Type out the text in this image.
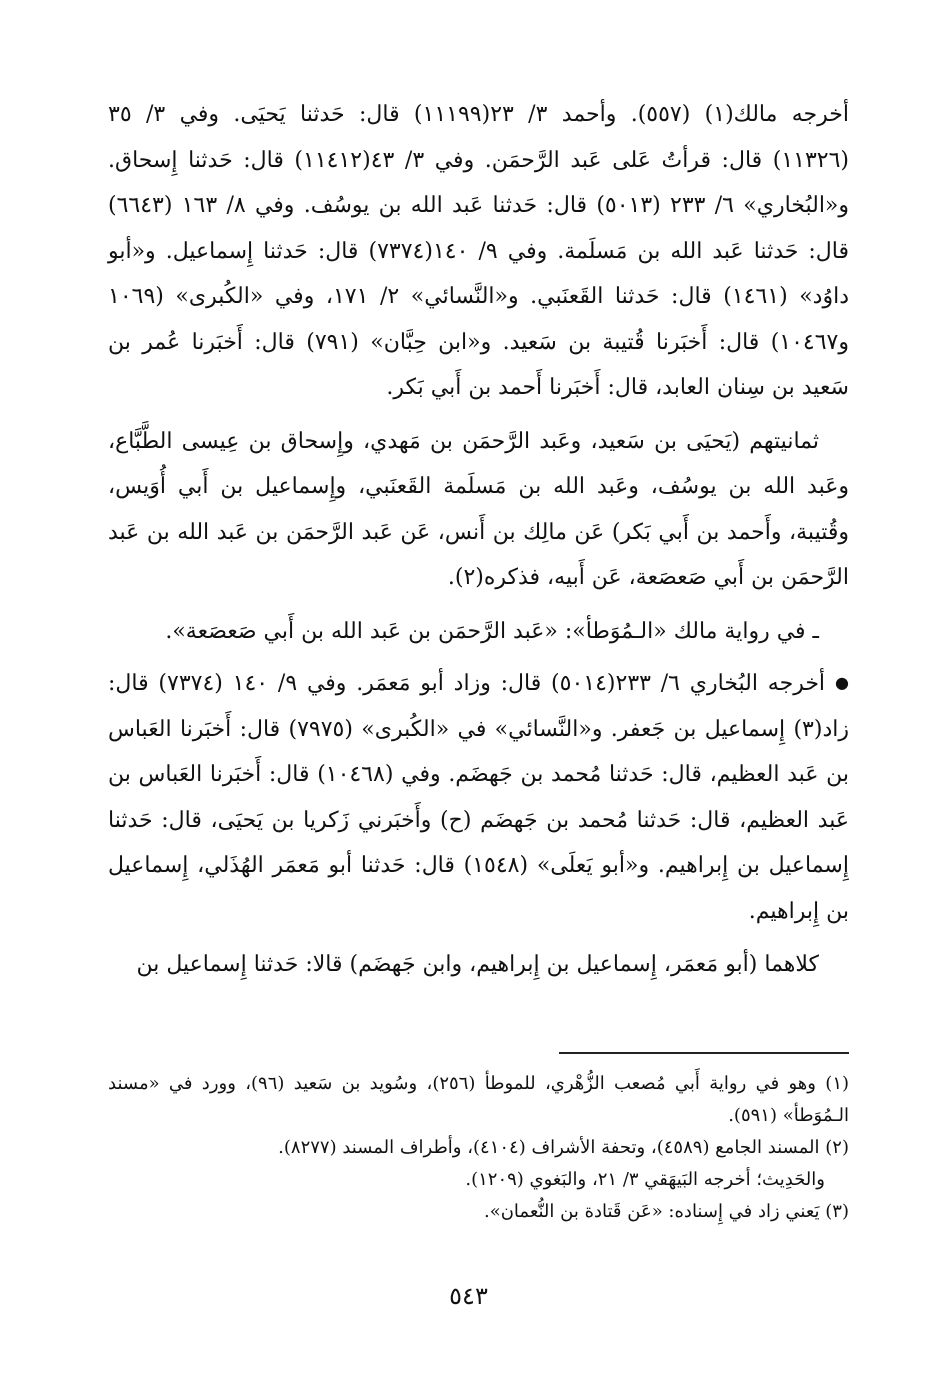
أخرجه مالك(١) (٥٥٧). وأحمد ٣/ ٢٣(١١١٩٩) قال: حَدثنا يَحيَى. وفي ٣/ ٣٥ (١١٣٢٦) قال: قرأتُ عَلى عَبد الرَّحمَن. وفي ٣/ ٤٣(١١٤١٢) قال: حَدثنا إِسحاق. و«البُخاري» ٦/ ٢٣٣ (٥٠١٣) قال: حَدثنا عَبد الله بن يوسُف. وفي ٨/ ١٦٣ (٦٦٤٣) قال: حَدثنا عَبد الله بن مَسلَمة. وفي ٩/ ١٤٠(٧٣٧٤) قال: حَدثنا إِسماعيل. و«أبو داوُد» (١٤٦١) قال: حَدثنا القَعنَبي. و«النَّسائي» ٢/ ١٧١، وفي «الكُبرى» (١٠٦٩ و١٠٤٦٧) قال: أَخبَرنا قُتيبة بن سَعيد. و«ابن حِبَّان» (٧٩١) قال: أَخبَرنا عُمر بن سَعيد بن سِنان العابد، قال: أَخبَرنا أَحمد بن أَبي بَكر.

ثمانيتهم (يَحيَى بن سَعيد، وعَبد الرَّحمَن بن مَهدي، وإِسحاق بن عِيسى الطَّبَّاع، وعَبد الله بن يوسُف، وعَبد الله بن مَسلَمة القَعنَبي، وإِسماعيل بن أَبي أُوَيس، وقُتيبة، وأَحمد بن أَبي بَكر) عَن مالِك بن أَنس، عَن عَبد الرَّحمَن بن عَبد الله بن عَبد الرَّحمَن بن أَبي صَعصَعة، عَن أَبيه، فذكره(٢).

ـ في رواية مالك «الـمُوَطأ»: «عَبد الرَّحمَن بن عَبد الله بن أَبي صَعصَعة».

●أخرجه البُخاري ٦/ ٢٣٣(٥٠١٤) قال: وزاد أبو مَعمَر. وفي ٩/ ١٤٠ (٧٣٧٤) قال: زاد(٣) إِسماعيل بن جَعفر. و«النَّسائي» في «الكُبرى» (٧٩٧٥) قال: أَخبَرنا العَباس بن عَبد العظيم، قال: حَدثنا مُحمد بن جَهضَم. وفي (١٠٤٦٨) قال: أَخبَرنا العَباس بن عَبد العظيم، قال: حَدثنا مُحمد بن جَهضَم (ح) وأَخبَرني زَكريا بن يَحيَى، قال: حَدثنا إِسماعيل بن إِبراهيم. و«أبو يَعلَى» (١٥٤٨) قال: حَدثنا أبو مَعمَر الهُذَلي، إِسماعيل بن إِبراهيم.

كلاهما (أبو مَعمَر، إِسماعيل بن إِبراهيم، وابن جَهضَم) قالا: حَدثنا إِسماعيل بن

(١) وهو في رواية أَبي مُصعب الزُّهْري، للموطأ (٢٥٦)، وسُويد بن سَعيد (٩٦)، وورد في «مسند الـمُوَطأ» (٥٩١).

(٢) المسند الجامع (٤٥٨٩)، وتحفة الأشراف (٤١٠٤)، وأطراف المسند (٨٢٧٧).

والحَدِيث؛ أخرجه البَيهَقي ٣/ ٢١، والبَغوي (١٢٠٩).

(٣) يَعني زاد في إِسناده: «عَن قَتادة بن النُّعمان».

٥٤٣
